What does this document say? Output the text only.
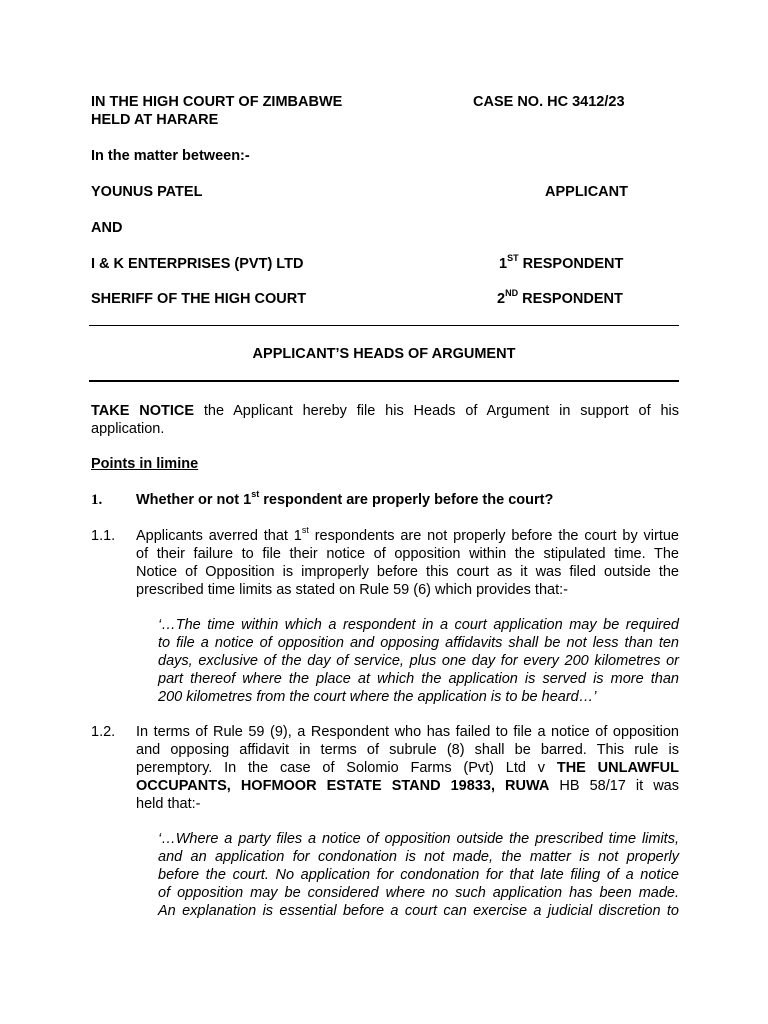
IN THE HIGH COURT OF ZIMBABWE
HELD AT HARARE
CASE NO. HC 3412/23
In the matter between:-
YOUNUS PATEL	APPLICANT
AND
I & K ENTERPRISES (PVT) LTD	1ST RESPONDENT
SHERIFF OF THE HIGH COURT	2ND RESPONDENT
APPLICANT’S HEADS OF ARGUMENT
TAKE NOTICE the Applicant hereby file his Heads of Argument in support of his
application.
Points in limine
1. Whether or not 1st respondent are properly before the court?
1.1. Applicants averred that 1st respondents are not properly before the court by virtue
of their failure to file their notice of opposition within the stipulated time. The
Notice of Opposition is improperly before this court as it was filed outside the
prescribed time limits as stated on Rule 59 (6) which provides that:-
‘…The time within which a respondent in a court application may be required
to file a notice of opposition and opposing affidavits shall be not less than ten
days, exclusive of the day of service, plus one day for every 200 kilometres or
part thereof where the place at which the application is served is more than
200 kilometres from the court where the application is to be heard…’
1.2. In terms of Rule 59 (9), a Respondent who has failed to file a notice of opposition
and opposing affidavit in terms of subrule (8) shall be barred. This rule is
peremptory. In the case of Solomio Farms (Pvt) Ltd v THE UNLAWFUL
OCCUPANTS, HOFMOOR ESTATE STAND 19833, RUWA HB 58/17 it was
held that:-
‘…Where a party files a notice of opposition outside the prescribed time limits,
and an application for condonation is not made, the matter is not properly
before the court. No application for condonation for that late filing of a notice
of opposition may be considered where no such application has been made.
An explanation is essential before a court can exercise a judicial discretion to
